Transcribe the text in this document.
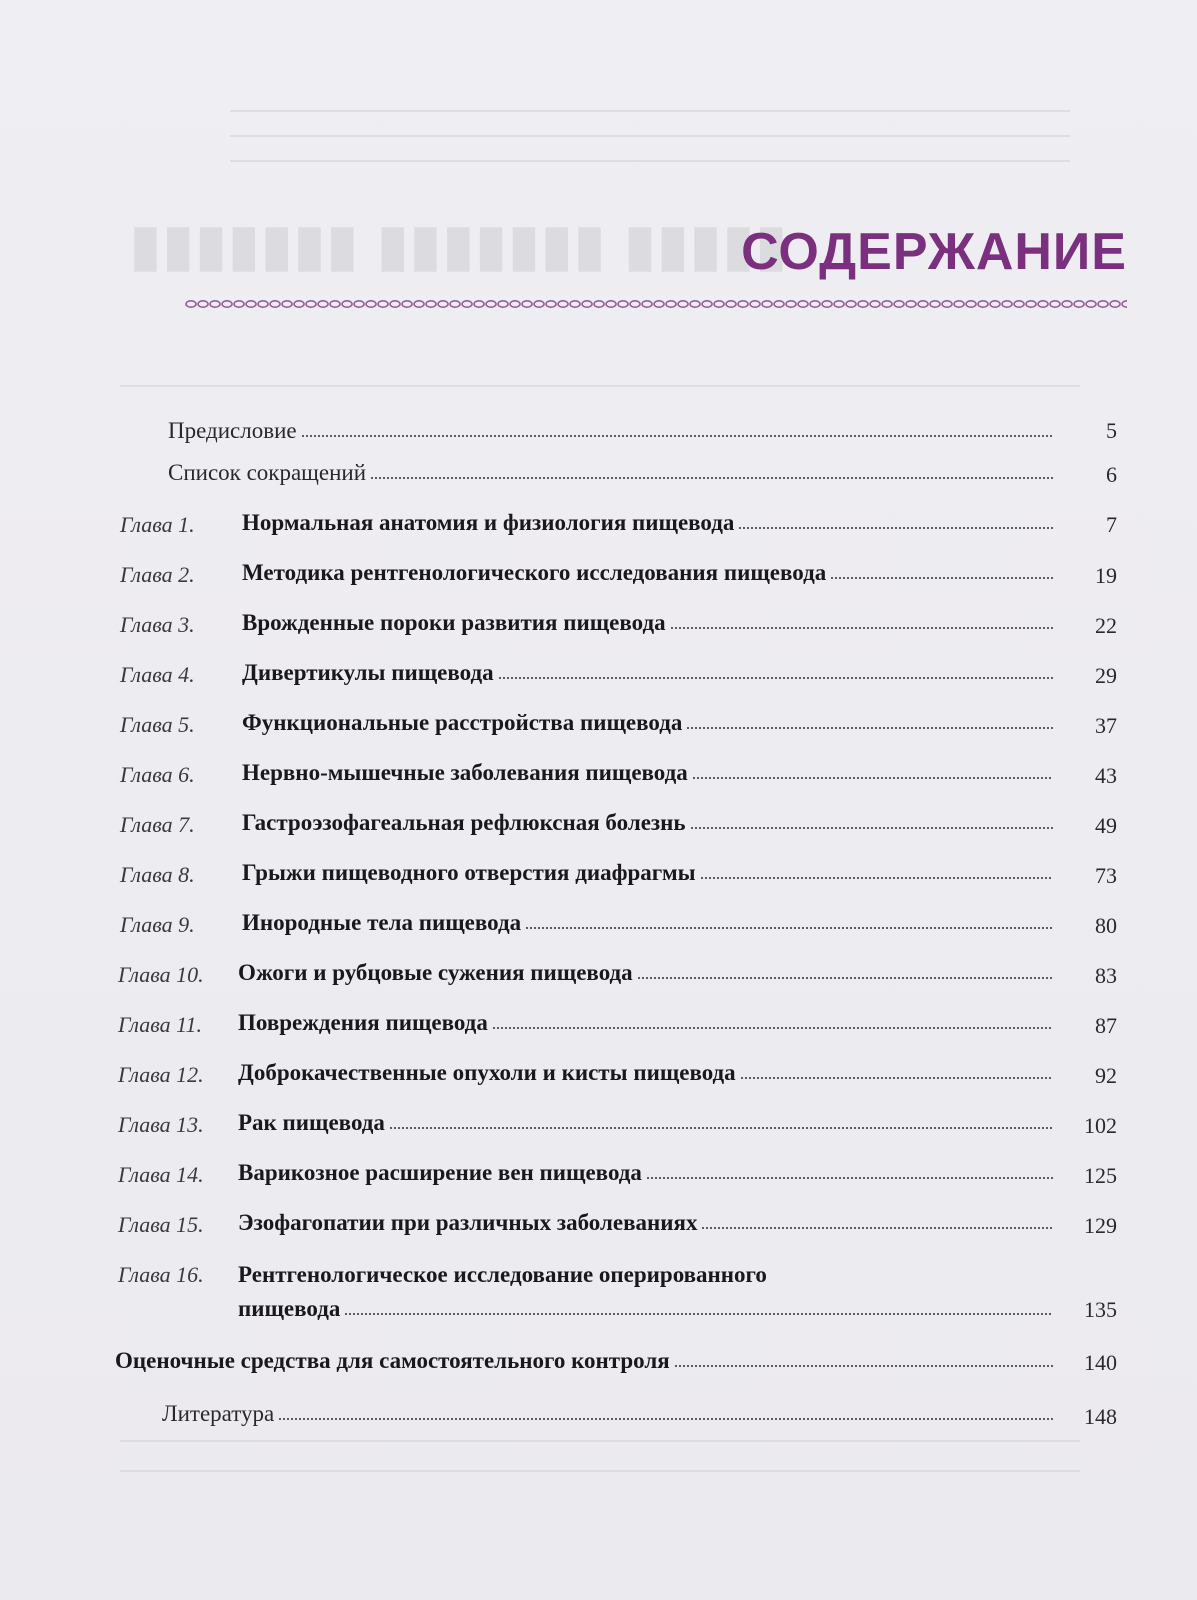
▮▮▮▮▮ ▮▮▮▮▮▮▮ ▮▮▮▮▮▮▮
СОДЕРЖАНИЕ
Предисловие	5
Список сокращений	6
Глава 1. Нормальная анатомия и физиология пищевода	7
Глава 2. Методика рентгенологического исследования пищевода	19
Глава 3. Врожденные пороки развития пищевода	22
Глава 4. Дивертикулы пищевода	29
Глава 5. Функциональные расстройства пищевода	37
Глава 6. Нервно-мышечные заболевания пищевода	43
Глава 7. Гастроэзофагеальная рефлюксная болезнь	49
Глава 8. Грыжи пищеводного отверстия диафрагмы	73
Глава 9. Инородные тела пищевода	80
Глава 10. Ожоги и рубцовые сужения пищевода	83
Глава 11. Повреждения пищевода	87
Глава 12. Доброкачественные опухоли и кисты пищевода	92
Глава 13. Рак пищевода	102
Глава 14. Варикозное расширение вен пищевода	125
Глава 15. Эзофагопатии при различных заболеваниях	129
Глава 16. Рентгенологическое исследование оперированного
пищевода	135
Оценочные средства для самостоятельного контроля	140
Литература	148
